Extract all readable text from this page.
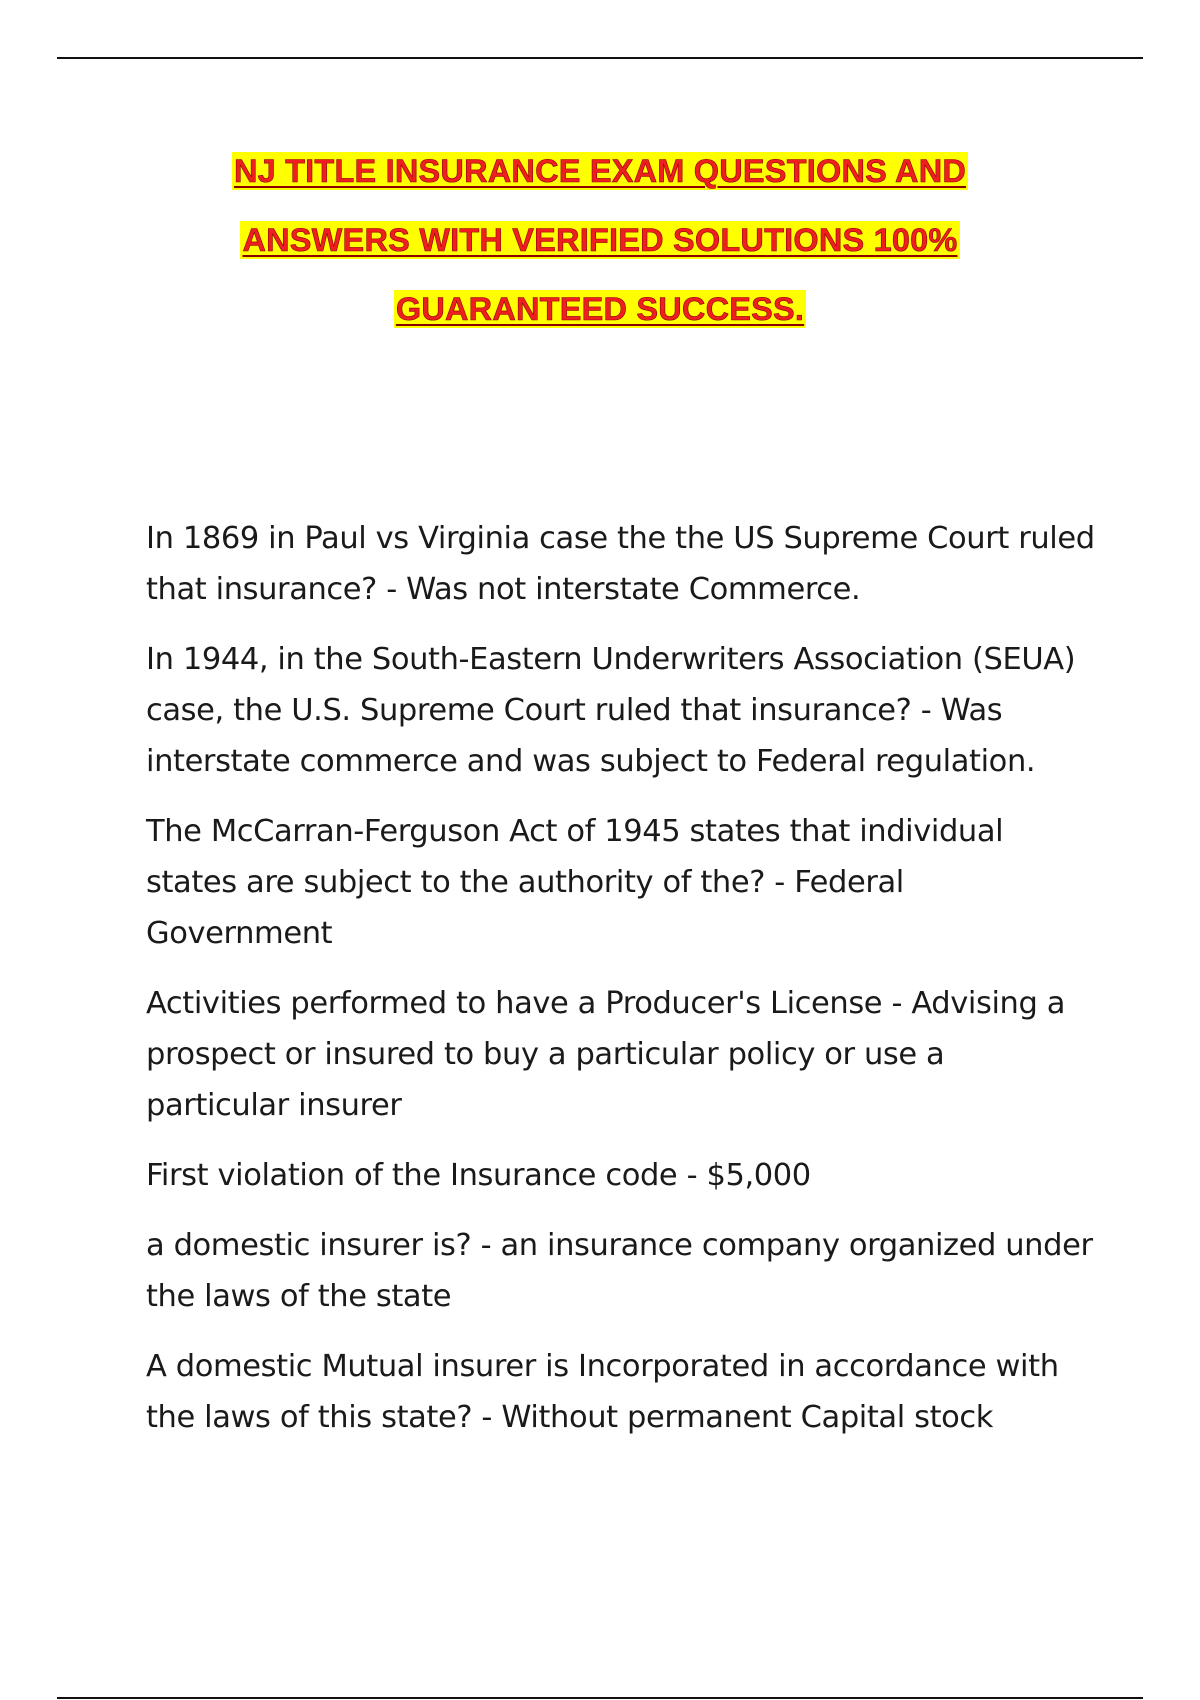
NJ TITLE INSURANCE EXAM QUESTIONS AND
ANSWERS WITH VERIFIED SOLUTIONS 100%
GUARANTEED SUCCESS.

In 1869 in Paul vs Virginia case the the US Supreme Court ruled that insurance? - Was not interstate Commerce.

In 1944, in the South-Eastern Underwriters Association (SEUA) case, the U.S. Supreme Court ruled that insurance? - Was interstate commerce and was subject to Federal regulation.

The McCarran-Ferguson Act of 1945 states that individual states are subject to the authority of the? - Federal Government

Activities performed to have a Producer's License - Advising a prospect or insured to buy a particular policy or use a particular insurer

First violation of the Insurance code - $5,000

a domestic insurer is? - an insurance company organized under the laws of the state

A domestic Mutual insurer is Incorporated in accordance with the laws of this state? - Without permanent Capital stock
